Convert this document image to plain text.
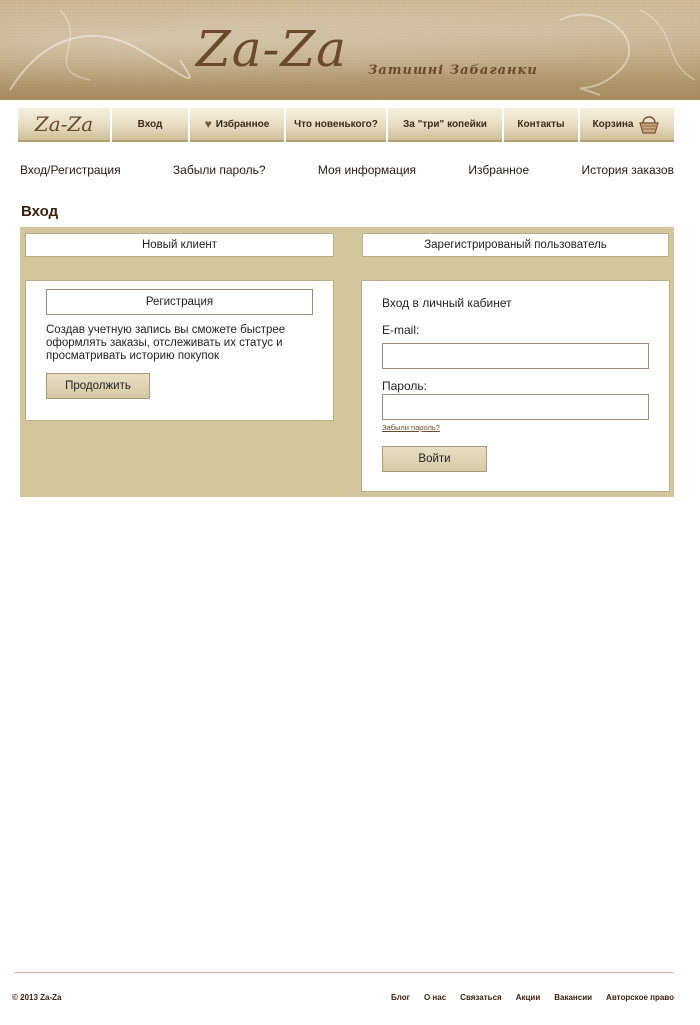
Za-Za Затишні Забаганки
Za-Za	Вход	♥ Избранное Что новенького?	За "три" копейки	Контакты	Корзина
Вход/Регистрация	Забыли пароль?	Моя информация	Избранное	История заказов
Вход
Новый клиент	Зарегистрированый пользователь
Регистрация
Создав учетную запись вы сможете быстрее оформлять заказы, отслеживать их статус и просматривать историю покупок
Продолжить
Вход в личный кабинет
E-mail:
Пароль:
Забыли пароль?
Войти
© 2013 Za-Za	Блог О нас Связаться Акции Вакансии Авторское право
